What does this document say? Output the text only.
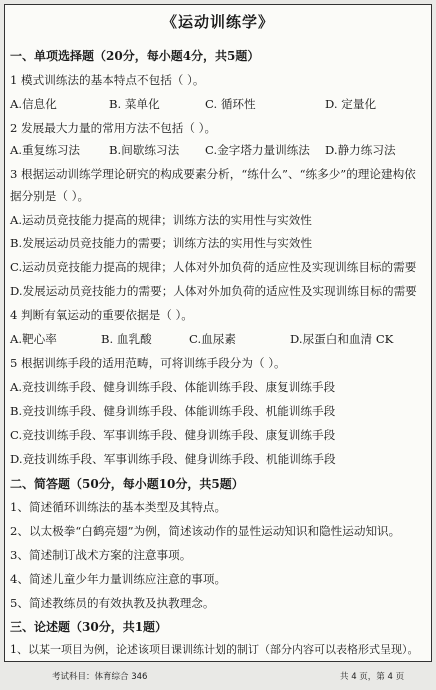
《运动训练学》
一、单项选择题（20分，每小题4分，共5题）
1 模式训练法的基本特点不包括（ ）。
A.信息化	B. 菜单化	C. 循环性	D. 定量化
2 发展最大力量的常用方法不包括（ ）。
A.重复练习法 B.间歇练习法 C.金字塔力量训练法 D.静力练习法
3 根据运动训练学理论研究的构成要素分析，“练什么”、“练多少”的理论建构依
据分别是（ ）。
A.运动员竞技能力提高的规律；训练方法的实用性与实效性
B.发展运动员竞技能力的需要；训练方法的实用性与实效性
C.运动员竞技能力提高的规律；人体对外加负荷的适应性及实现训练目标的需要
D.发展运动员竞技能力的需要；人体对外加负荷的适应性及实现训练目标的需要
4 判断有氧运动的重要依据是（ ）。
A.靶心率	B. 血乳酸	C.血尿素	D.尿蛋白和血清 CK
5 根据训练手段的适用范畴，可将训练手段分为（ ）。
A.竞技训练手段、健身训练手段、体能训练手段、康复训练手段
B.竞技训练手段、健身训练手段、体能训练手段、机能训练手段
C.竞技训练手段、军事训练手段、健身训练手段、康复训练手段
D.竞技训练手段、军事训练手段、健身训练手段、机能训练手段
二、简答题（50分，每小题10分，共5题）
1、简述循环训练法的基本类型及其特点。
2、以太极拳“白鹤亮翅”为例，简述该动作的显性运动知识和隐性运动知识。
3、简述制订战术方案的注意事项。
4、简述儿童少年力量训练应注意的事项。
5、简述教练员的有效执教及执教理念。
三、论述题（30分，共1题）
1、以某一项目为例，论述该项目课训练计划的制订（部分内容可以表格形式呈现）。
考试科目：体育综合 346	共 4 页，第 4 页
